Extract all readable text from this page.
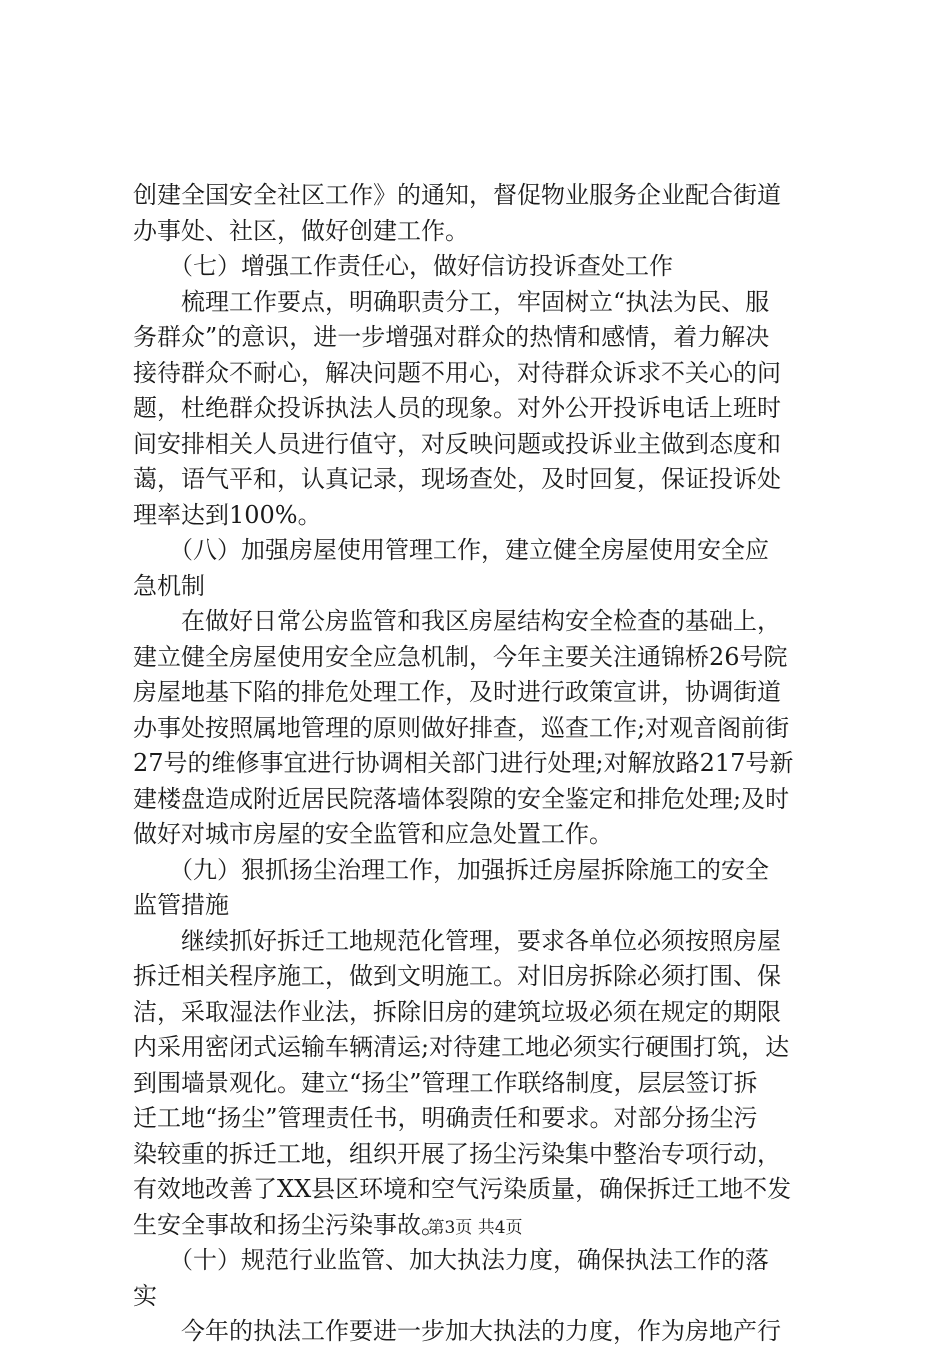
创建全国安全社区工作》的通知，督促物业服务企业配合街道
办事处、社区，做好创建工作。
　　（七）增强工作责任心，做好信访投诉查处工作
　　梳理工作要点，明确职责分工，牢固树立“执法为民、服
务群众”的意识，进一步增强对群众的热情和感情，着力解决
接待群众不耐心，解决问题不用心，对待群众诉求不关心的问
题，杜绝群众投诉执法人员的现象。对外公开投诉电话上班时
间安排相关人员进行值守，对反映问题或投诉业主做到态度和
蔼，语气平和，认真记录，现场查处，及时回复，保证投诉处
理率达到100%。
　　（八）加强房屋使用管理工作，建立健全房屋使用安全应
急机制
　　在做好日常公房监管和我区房屋结构安全检查的基础上，
建立健全房屋使用安全应急机制，今年主要关注通锦桥26号院
房屋地基下陷的排危处理工作，及时进行政策宣讲，协调街道
办事处按照属地管理的原则做好排查，巡查工作;对观音阁前街
27号的维修事宜进行协调相关部门进行处理;对解放路217号新
建楼盘造成附近居民院落墙体裂隙的安全鉴定和排危处理;及时
做好对城市房屋的安全监管和应急处置工作。
　　（九）狠抓扬尘治理工作，加强拆迁房屋拆除施工的安全
监管措施
　　继续抓好拆迁工地规范化管理，要求各单位必须按照房屋
拆迁相关程序施工，做到文明施工。对旧房拆除必须打围、保
洁，采取湿法作业法，拆除旧房的建筑垃圾必须在规定的期限
内采用密闭式运输车辆清运;对待建工地必须实行硬围打筑，达
到围墙景观化。建立“扬尘”管理工作联络制度，层层签订拆
迁工地“扬尘”管理责任书，明确责任和要求。对部分扬尘污
染较重的拆迁工地，组织开展了扬尘污染集中整治专项行动，
有效地改善了XX县区环境和空气污染质量，确保拆迁工地不发
生安全事故和扬尘污染事故。
　　（十）规范行业监管、加大执法力度，确保执法工作的落
实
　　今年的执法工作要进一步加大执法的力度，作为房地产行
第3页 共4页
